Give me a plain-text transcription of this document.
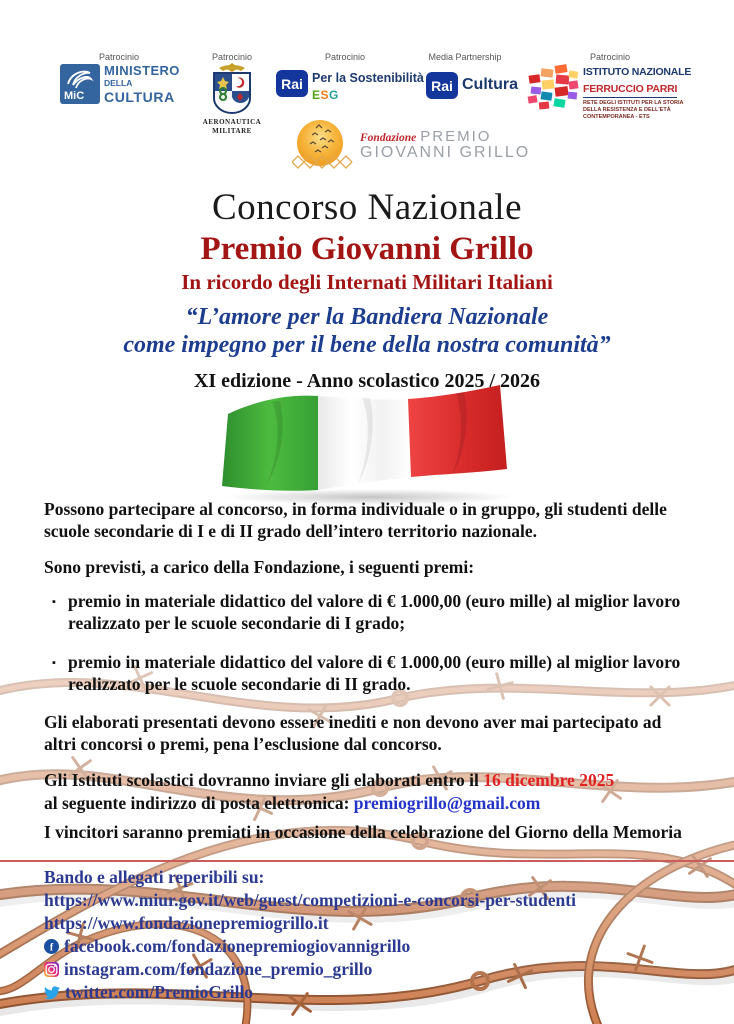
Patrocinio
MiC
MINISTERO
DELLA
CULTURA
Patrocinio
AERONAUTICA
MILITARE
Patrocinio
Rai Per la Sostenibilità
ESG
Media Partnership
Rai Cultura
Patrocinio
ISTITUTO NAZIONALE
FERRUCCIO PARRI
RETE DEGLI ISTITUTI PER LA STORIA
DELLA RESISTENZA E DELL'ETÀ
CONTEMPORANEA - ETS
Fondazione PREMIO
GIOVANNI GRILLO
Concorso Nazionale
Premio Giovanni Grillo
In ricordo degli Internati Militari Italiani
“L’amore per la Bandiera Nazionale
come impegno per il bene della nostra comunità”
XI edizione - Anno scolastico 2025 / 2026
Possono partecipare al concorso, in forma individuale o in gruppo, gli studenti delle scuole secondarie di I e di II grado dell’intero territorio nazionale.
Sono previsti, a carico della Fondazione, i seguenti premi:
▪ premio in materiale didattico del valore di € 1.000,00 (euro mille) al miglior lavoro realizzato per le scuole secondarie di I grado;
▪ premio in materiale didattico del valore di € 1.000,00 (euro mille) al miglior lavoro realizzato per le scuole secondarie di II grado.
Gli elaborati presentati devono essere inediti e non devono aver mai partecipato ad altri concorsi o premi, pena l’esclusione dal concorso.
Gli Istituti scolastici dovranno inviare gli elaborati entro il 16 dicembre 2025
al seguente indirizzo di posta elettronica: premiogrillo@gmail.com
I vincitori saranno premiati in occasione della celebrazione del Giorno della Memoria
Bando e allegati reperibili su:
https://www.miur.gov.it/web/guest/competizioni-e-concorsi-per-studenti
https://www.fondazionepremiogrillo.it
f facebook.com/fondazionepremiogiovannigrillo
instagram.com/fondazione_premio_grillo
twitter.com/PremioGrillo
